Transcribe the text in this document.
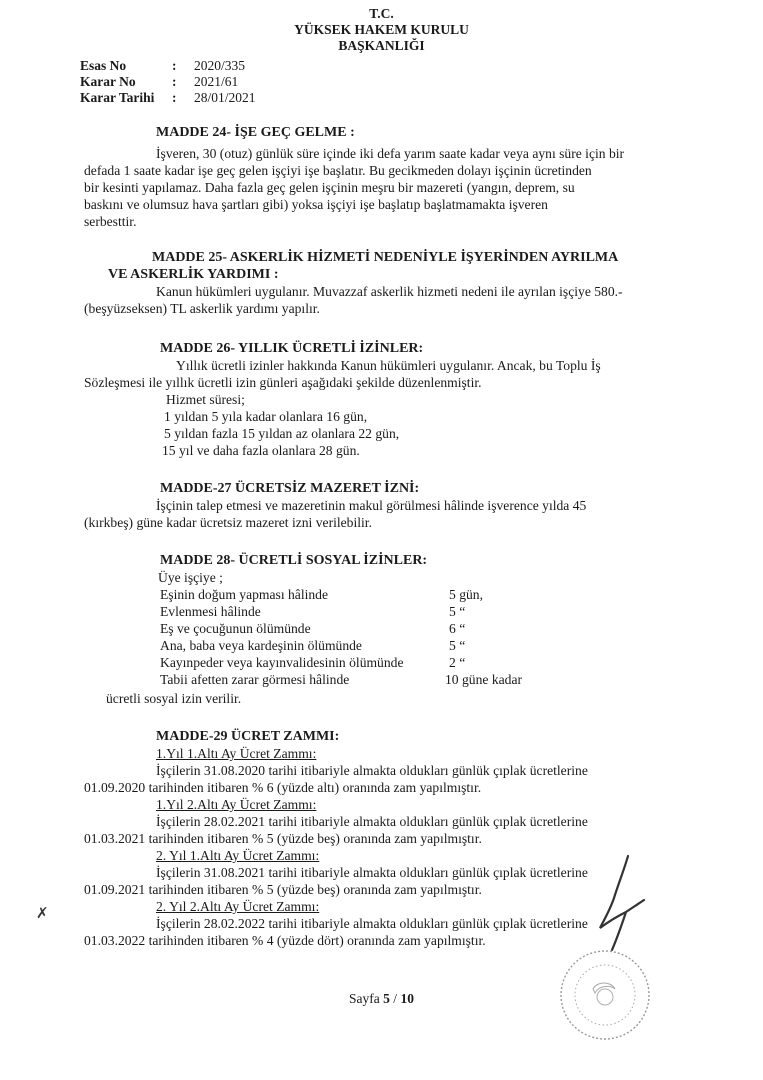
T.C.
YÜKSEK HAKEM KURULU
BAŞKANLIĞI
Esas No	:	2020/335
Karar No	:	2021/61
Karar Tarihi	:	28/01/2021
MADDE 24- İŞE GEÇ GELME :
İşveren, 30 (otuz) günlük süre içinde iki defa yarım saate kadar veya aynı süre için bir
defada 1 saate kadar işe geç gelen işçiyi işe başlatır. Bu gecikmeden dolayı işçinin ücretinden
bir kesinti yapılamaz. Daha fazla geç gelen işçinin meşru bir mazereti (yangın, deprem, su
baskını ve olumsuz hava şartları gibi) yoksa işçiyi işe başlatıp başlatmamakta işveren
serbesttir.
MADDE 25- ASKERLİK HİZMETİ NEDENİYLE İŞYERİNDEN AYRILMA
VE ASKERLİK YARDIMI :
Kanun hükümleri uygulanır. Muvazzaf askerlik hizmeti nedeni ile ayrılan işçiye 580.-
(beşyüzseksen) TL askerlik yardımı yapılır.
MADDE 26- YILLIK ÜCRETLİ İZİNLER:
Yıllık ücretli izinler hakkında Kanun hükümleri uygulanır. Ancak, bu Toplu İş
Sözleşmesi ile yıllık ücretli izin günleri aşağıdaki şekilde düzenlenmiştir.
Hizmet süresi;
1 yıldan 5 yıla kadar olanlara 16 gün,
5 yıldan fazla 15 yıldan az olanlara 22 gün,
15 yıl ve daha fazla olanlara 28 gün.
MADDE-27 ÜCRETSİZ MAZERET İZNİ:
İşçinin talep etmesi ve mazeretinin makul görülmesi hâlinde işverence yılda 45
(kırkbeş) güne kadar ücretsiz mazeret izni verilebilir.
MADDE 28- ÜCRETLİ SOSYAL İZİNLER:
Üye işçiye ;
Eşinin doğum yapması hâlinde	5 gün,
Evlenmesi hâlinde	5 “
Eş ve çocuğunun ölümünde	6 “
Ana, baba veya kardeşinin ölümünde	5 “
Kayınpeder veya kayınvalidesinin ölümünde	2 “
Tabii afetten zarar görmesi hâlinde	10 güne kadar
ücretli sosyal izin verilir.
MADDE-29 ÜCRET ZAMMI:
1.Yıl 1.Altı Ay Ücret Zammı:
İşçilerin 31.08.2020 tarihi itibariyle almakta oldukları günlük çıplak ücretlerine
01.09.2020 tarihinden itibaren % 6 (yüzde altı) oranında zam yapılmıştır.
1.Yıl 2.Altı Ay Ücret Zammı:
İşçilerin 28.02.2021 tarihi itibariyle almakta oldukları günlük çıplak ücretlerine
01.03.2021 tarihinden itibaren % 5 (yüzde beş) oranında zam yapılmıştır.
2. Yıl 1.Altı Ay Ücret Zammı:
İşçilerin 31.08.2021 tarihi itibariyle almakta oldukları günlük çıplak ücretlerine
01.09.2021 tarihinden itibaren % 5 (yüzde beş) oranında zam yapılmıştır.
2. Yıl 2.Altı Ay Ücret Zammı:
İşçilerin 28.02.2022 tarihi itibariyle almakta oldukları günlük çıplak ücretlerine
01.03.2022 tarihinden itibaren % 4 (yüzde dört) oranında zam yapılmıştır.
✗
Sayfa 5 / 10
